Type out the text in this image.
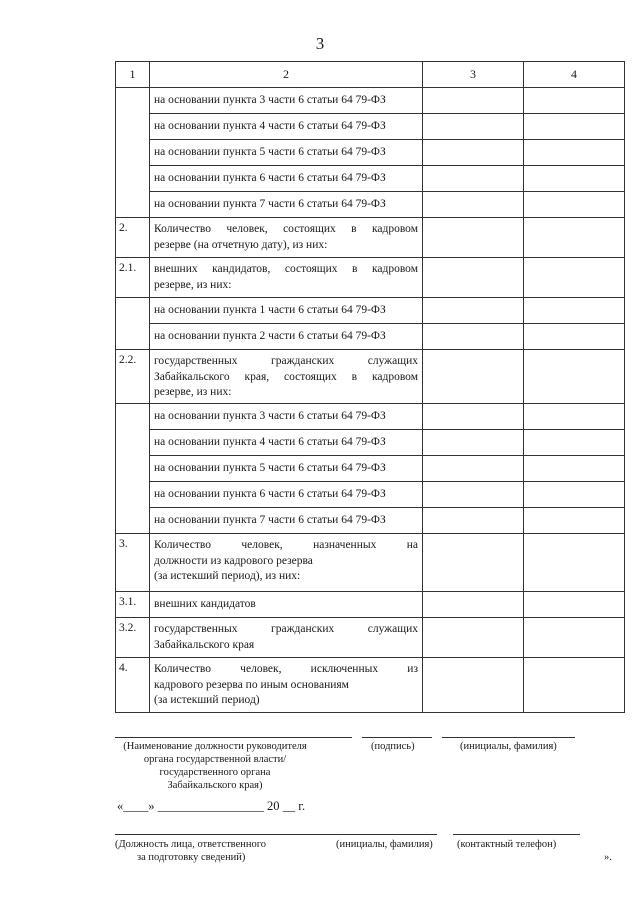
3
1	2	3	4
	на основании пункта 3 части 6 статьи 64 79-ФЗ		
	на основании пункта 4 части 6 статьи 64 79-ФЗ		
	на основании пункта 5 части 6 статьи 64 79-ФЗ		
	на основании пункта 6 части 6 статьи 64 79-ФЗ		
	на основании пункта 7 части 6 статьи 64 79-ФЗ		
2.	Количество человек, состоящих в кадровом
резерве (на отчетную дату), из них:		

2.1.	внешних кандидатов, состоящих в кадровом
резерве, из них:		

	на основании пункта 1 части 6 статьи 64 79-ФЗ		
	на основании пункта 2 части 6 статьи 64 79-ФЗ		
2.2.	государственных гражданских служащих
Забайкальского края, состоящих в кадровом
резерве, из них:		

	на основании пункта 3 части 6 статьи 64 79-ФЗ		
	на основании пункта 4 части 6 статьи 64 79-ФЗ		
	на основании пункта 5 части 6 статьи 64 79-ФЗ		
	на основании пункта 6 части 6 статьи 64 79-ФЗ		
	на основании пункта 7 части 6 статьи 64 79-ФЗ		
3.	Количество человек, назначенных на
должности из кадрового резерва
(за истекший период), из них:		

3.1.	внешних кандидатов		
3.2.	государственных гражданских служащих
Забайкальского края		

4.	Количество человек, исключенных из
кадрового резерва по иным основаниям
(за истекший период)		

(Наименование должности руководителя
органа государственной власти/
государственного органа
Забайкальского края)
(подпись)	(инициалы, фамилия)
«____» _________________ 20 __ г.
(Должность лица, ответственного
за подготовку сведений)
(инициалы, фамилия) (контактный телефон)
».
